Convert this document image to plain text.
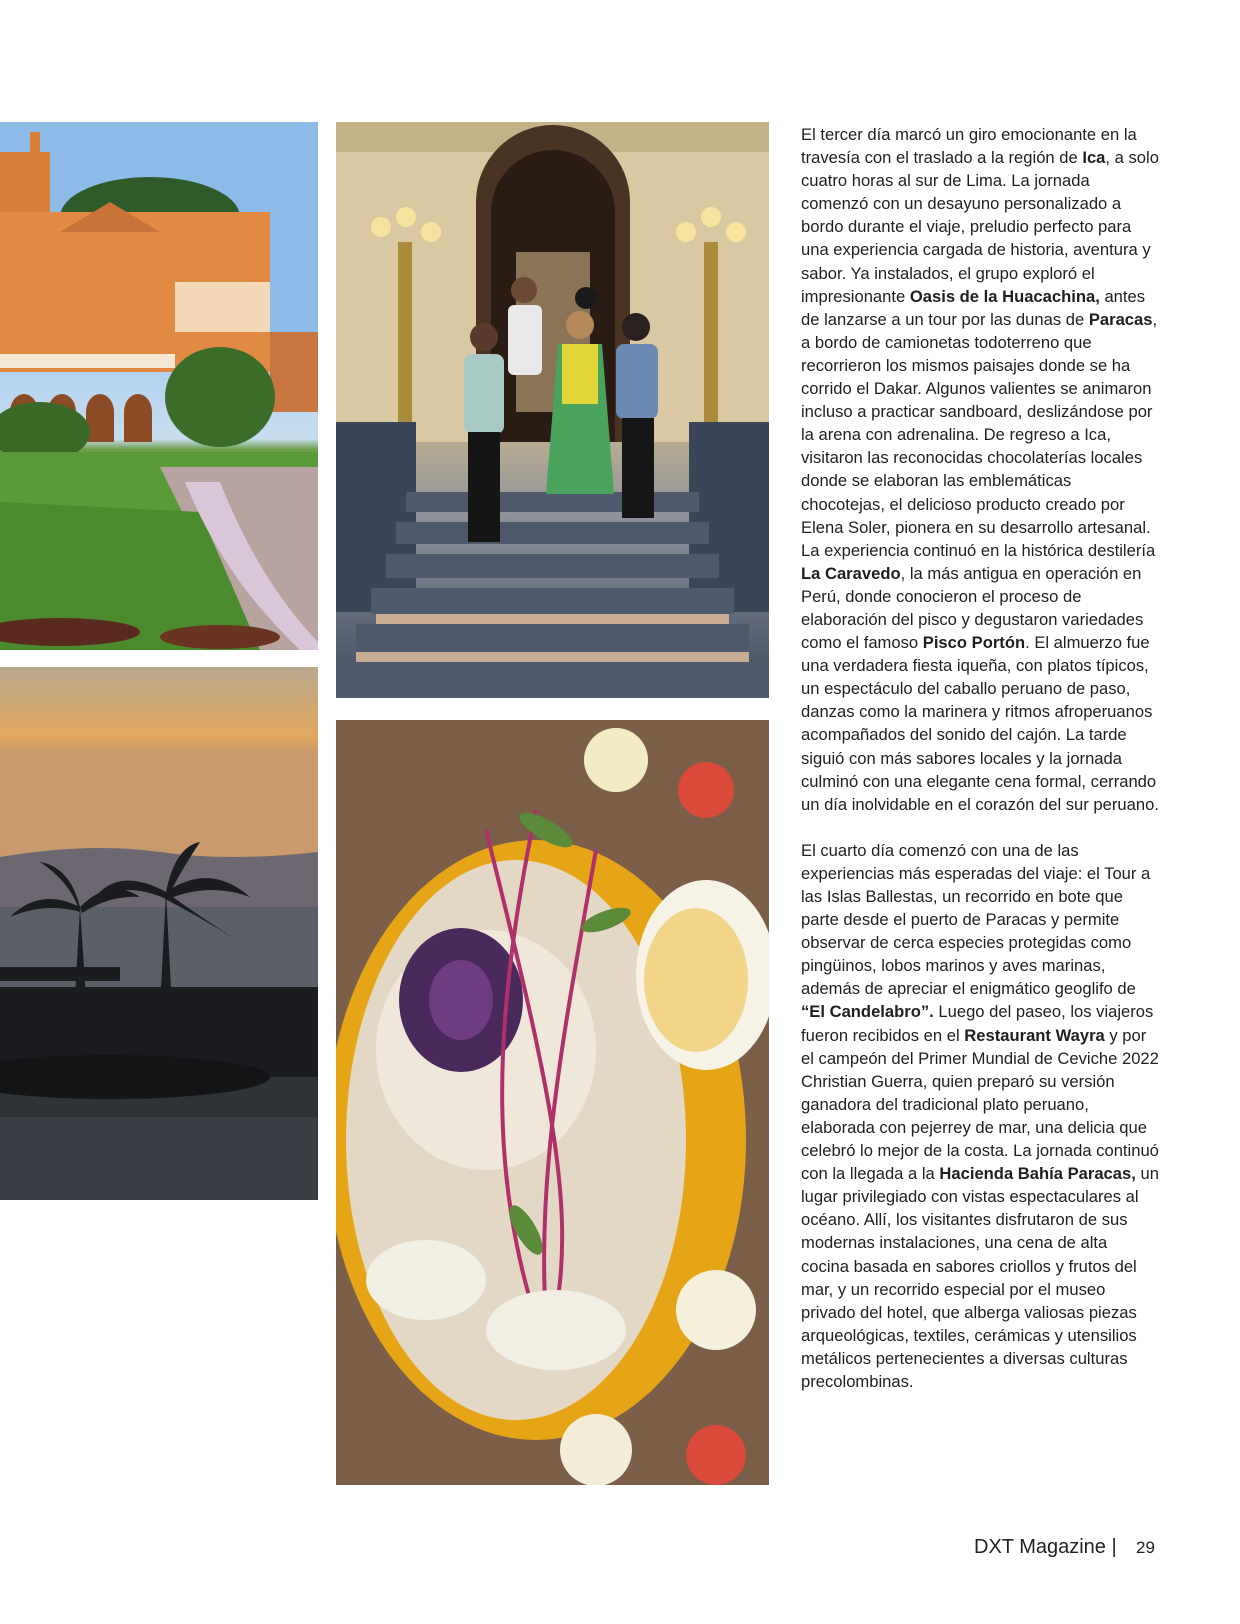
El tercer día marcó un giro emocionante en la travesía con el traslado a la región de Ica, a solo cuatro horas al sur de Lima. La jornada comenzó con un desayuno personalizado a bordo durante el viaje, preludio perfecto para una experiencia cargada de historia, aventura y sabor. Ya instalados, el grupo exploró el impresionante Oasis de la Huacachina, antes de lanzarse a un tour por las dunas de Paracas, a bordo de camionetas todoterreno que recorrieron los mismos paisajes donde se ha corrido el Dakar. Algunos valientes se animaron incluso a practicar sandboard, deslizándose por la arena con adrenalina. De regreso a Ica, visitaron las reconocidas chocolaterías locales donde se elaboran las emblemáticas chocotejas, el delicioso producto creado por Elena Soler, pionera en su desarrollo artesanal. La experiencia continuó en la histórica destilería La Caravedo, la más antigua en operación en Perú, donde conocieron el proceso de elaboración del pisco y degustaron variedades como el famoso Pisco Portón. El almuerzo fue una verdadera fiesta iqueña, con platos típicos, un espectáculo del caballo peruano de paso, danzas como la marinera y ritmos afroperuanos acompañados del sonido del cajón. La tarde siguió con más sabores locales y la jornada culminó con una elegante cena formal, cerrando un día inolvidable en el corazón del sur peruano.

El cuarto día comenzó con una de las experiencias más esperadas del viaje: el Tour a las Islas Ballestas, un recorrido en bote que parte desde el puerto de Paracas y permite observar de cerca especies protegidas como pingüinos, lobos marinos y aves marinas, además de apreciar el enigmático geoglifo de “El Candelabro”. Luego del paseo, los viajeros fueron recibidos en el Restaurant Wayra y por el campeón del Primer Mundial de Ceviche 2022 Christian Guerra, quien preparó su versión ganadora del tradicional plato peruano, elaborada con pejerrey de mar, una delicia que celebró lo mejor de la costa. La jornada continuó con la llegada a la Hacienda Bahía Paracas, un lugar privilegiado con vistas espectaculares al océano. Allí, los visitantes disfrutaron de sus modernas instalaciones, una cena de alta cocina basada en sabores criollos y frutos del mar, y un recorrido especial por el museo privado del hotel, que alberga valiosas piezas arqueológicas, textiles, cerámicas y utensilios metálicos pertenecientes a diversas culturas precolombinas.

DXT Magazine | 29
